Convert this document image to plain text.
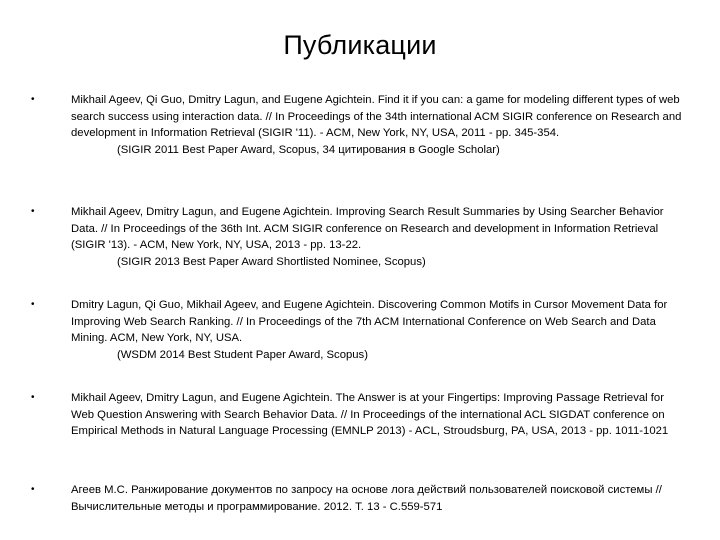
Публикации
•	Mikhail Ageev, Qi Guo, Dmitry Lagun, and Eugene Agichtein. Find it if you can: a game for modeling different types of web search success using interaction data. // In Proceedings of the 34th international ACM SIGIR conference on Research and development in Information Retrieval (SIGIR '11). - ACM, New York, NY, USA, 2011 - pp. 345-354.
(SIGIR 2011 Best Paper Award, Scopus, 34 цитирования в Google Scholar)
•	Mikhail Ageev, Dmitry Lagun, and Eugene Agichtein. Improving Search Result Summaries by Using Searcher Behavior Data. // In Proceedings of the 36th Int. ACM SIGIR conference on Research and development in Information Retrieval (SIGIR '13). - ACM, New York, NY, USA, 2013 - pp. 13-22.
(SIGIR 2013 Best Paper Award Shortlisted Nominee, Scopus)
•	Dmitry Lagun, Qi Guo, Mikhail Ageev, and Eugene Agichtein. Discovering Common Motifs in Cursor Movement Data for Improving Web Search Ranking. // In Proceedings of the 7th ACM International Conference on Web Search and Data Mining. ACM, New York, NY, USA.
(WSDM 2014 Best Student Paper Award, Scopus)
•	Mikhail Ageev, Dmitry Lagun, and Eugene Agichtein. The Answer is at your Fingertips: Improving Passage Retrieval for Web Question Answering with Search Behavior Data. // In Proceedings of the international ACL SIGDAT conference on Empirical Methods in Natural Language Processing (EMNLP 2013) - ACL, Stroudsburg, PA, USA, 2013 - pp. 1011-1021
•	Агеев М.С. Ранжирование документов по запросу на основе лога действий пользователей поисковой системы // Вычислительные методы и программирование. 2012. Т. 13 - С.559-571
